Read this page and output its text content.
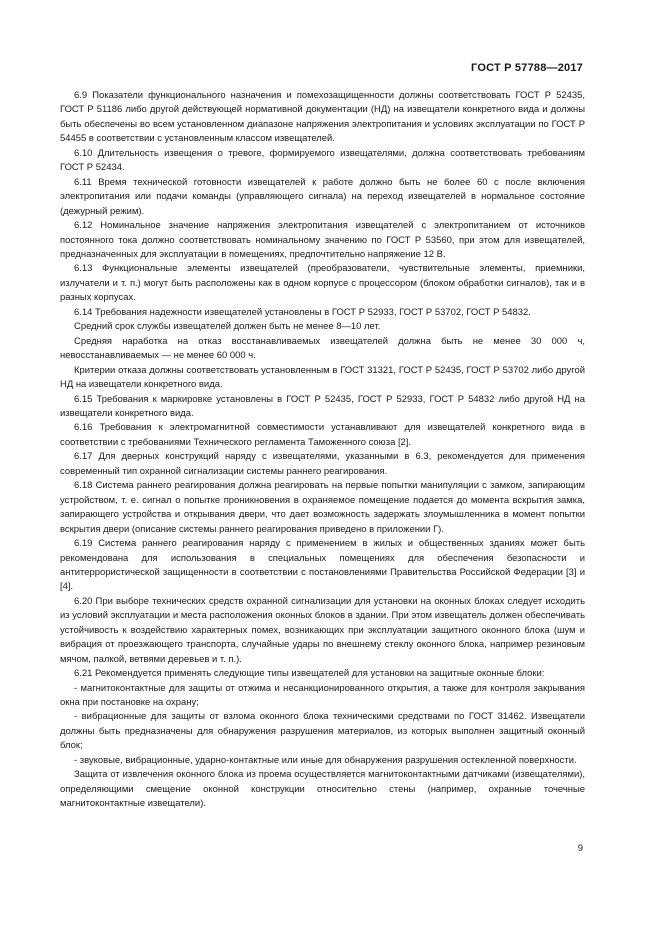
ГОСТ Р 57788—2017

6.9 Показатели функционального назначения и помехозащищенности должны соответствовать ГОСТ Р 52435, ГОСТ Р 51186 либо другой действующей нормативной документации (НД) на извещатели конкретного вида и должны быть обеспечены во всем установленном диапазоне напряжения электропитания и условиях эксплуатации по ГОСТ Р 54455 в соответствии с установленным классом извещателей.

6.10 Длительность извещения о тревоге, формируемого извещателями, должна соответствовать требованиям ГОСТ Р 52434.

6.11 Время технической готовности извещателей к работе должно быть не более 60 с после включения электропитания или подачи команды (управляющего сигнала) на переход извещателей в нормальное состояние (дежурный режим).

6.12 Номинальное значение напряжения электропитания извещателей с электропитанием от источников постоянного тока должно соответствовать номинальному значению по ГОСТ Р 53560, при этом для извещателей, предназначенных для эксплуатации в помещениях, предпочтительно напряжение 12 В.

6.13 Функциональные элементы извещателей (преобразователи, чувствительные элементы, приемники, излучатели и т. п.) могут быть расположены как в одном корпусе с процессором (блоком обработки сигналов), так и в разных корпусах.

6.14 Требования надежности извещателей установлены в ГОСТ Р 52933, ГОСТ Р 53702, ГОСТ Р 54832.

Средний срок службы извещателей должен быть не менее 8—10 лет.

Средняя наработка на отказ восстанавливаемых извещателей должна быть не менее 30 000 ч, невосстанавливаемых — не менее 60 000 ч.

Критерии отказа должны соответствовать установленным в ГОСТ 31321, ГОСТ Р 52435, ГОСТ Р 53702 либо другой НД на извещатели конкретного вида.

6.15 Требования к маркировке установлены в ГОСТ Р 52435, ГОСТ Р 52933, ГОСТ Р 54832 либо другой НД на извещатели конкретного вида.

6.16 Требования к электромагнитной совместимости устанавливают для извещателей конкретного вида в соответствии с требованиями Технического регламента Таможенного союза [2].

6.17 Для дверных конструкций наряду с извещателями, указанными в 6.3, рекомендуется для применения современный тип охранной сигнализации системы раннего реагирования.

6.18 Система раннего реагирования должна реагировать на первые попытки манипуляции с замком, запирающим устройством, т. е. сигнал о попытке проникновения в охраняемое помещение подается до момента вскрытия замка, запирающего устройства и открывания двери, что дает возможность задержать злоумышленника в момент попытки вскрытия двери (описание системы раннего реагирования приведено в приложении Г).

6.19 Система раннего реагирования наряду с применением в жилых и общественных зданиях может быть рекомендована для использования в специальных помещениях для обеспечения безопасности и антитеррористической защищенности в соответствии с постановлениями Правительства Российской Федерации [3] и [4].

6.20 При выборе технических средств охранной сигнализации для установки на оконных блоках следует исходить из условий эксплуатации и места расположения оконных блоков в здании. При этом извещатель должен обеспечивать устойчивость к воздействию характерных помех, возникающих при эксплуатации защитного оконного блока (шум и вибрация от проезжающего транспорта, случайные удары по внешнему стеклу оконного блока, например резиновым мячом, палкой, ветвями деревьев и т. п.).

6.21 Рекомендуется применять следующие типы извещателей для установки на защитные оконные блоки:

- магнитоконтактные для защиты от отжима и несанкционированного открытия, а также для контроля закрывания окна при постановке на охрану;

- вибрационные для защиты от взлома оконного блока техническими средствами по ГОСТ 31462. Извещатели должны быть предназначены для обнаружения разрушения материалов, из которых выполнен защитный оконный блок;

- звуковые, вибрационные, ударно-контактные или иные для обнаружения разрушения остекленной поверхности.

Защита от извлечения оконного блока из проема осуществляется магнитоконтактными датчиками (извещателями), определяющими смещение оконной конструкции относительно стены (например, охранные точечные магнитоконтактные извещатели).

9
